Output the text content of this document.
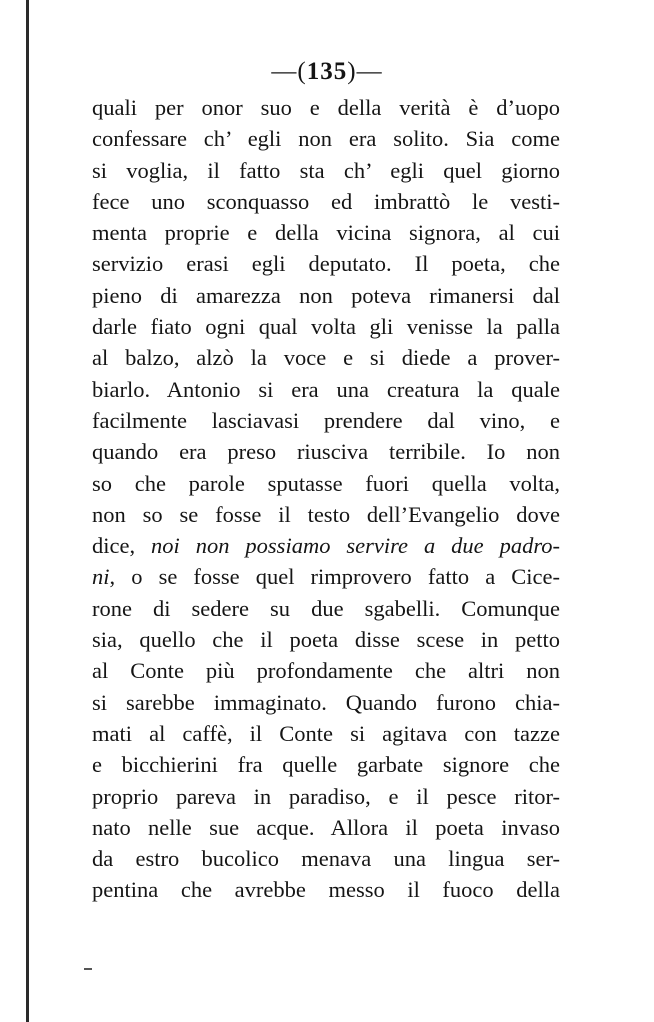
—(135)—
quali per onor suo e della verità è d’uopo
confessare ch’ egli non era solito. Sia come
si voglia, il fatto sta ch’ egli quel giorno
fece uno sconquasso ed imbrattò le vesti-
menta proprie e della vicina signora, al cui
servizio erasi egli deputato. Il poeta, che
pieno di amarezza non poteva rimanersi dal
darle fiato ogni qual volta gli venisse la palla
al balzo, alzò la voce e si diede a prover-
biarlo. Antonio si era una creatura la quale
facilmente lasciavasi prendere dal vino, e
quando era preso riusciva terribile. Io non
so che parole sputasse fuori quella volta,
non so se fosse il testo dell’Evangelio dove
dice, noi non possiamo servire a due padro-
ni, o se fosse quel rimprovero fatto a Cice-
rone di sedere su due sgabelli. Comunque
sia, quello che il poeta disse scese in petto
al Conte più profondamente che altri non
si sarebbe immaginato. Quando furono chia-
mati al caffè, il Conte si agitava con tazze
e bicchierini fra quelle garbate signore che
proprio pareva in paradiso, e il pesce ritor-
nato nelle sue acque. Allora il poeta invaso
da estro bucolico menava una lingua ser-
pentina che avrebbe messo il fuoco della
